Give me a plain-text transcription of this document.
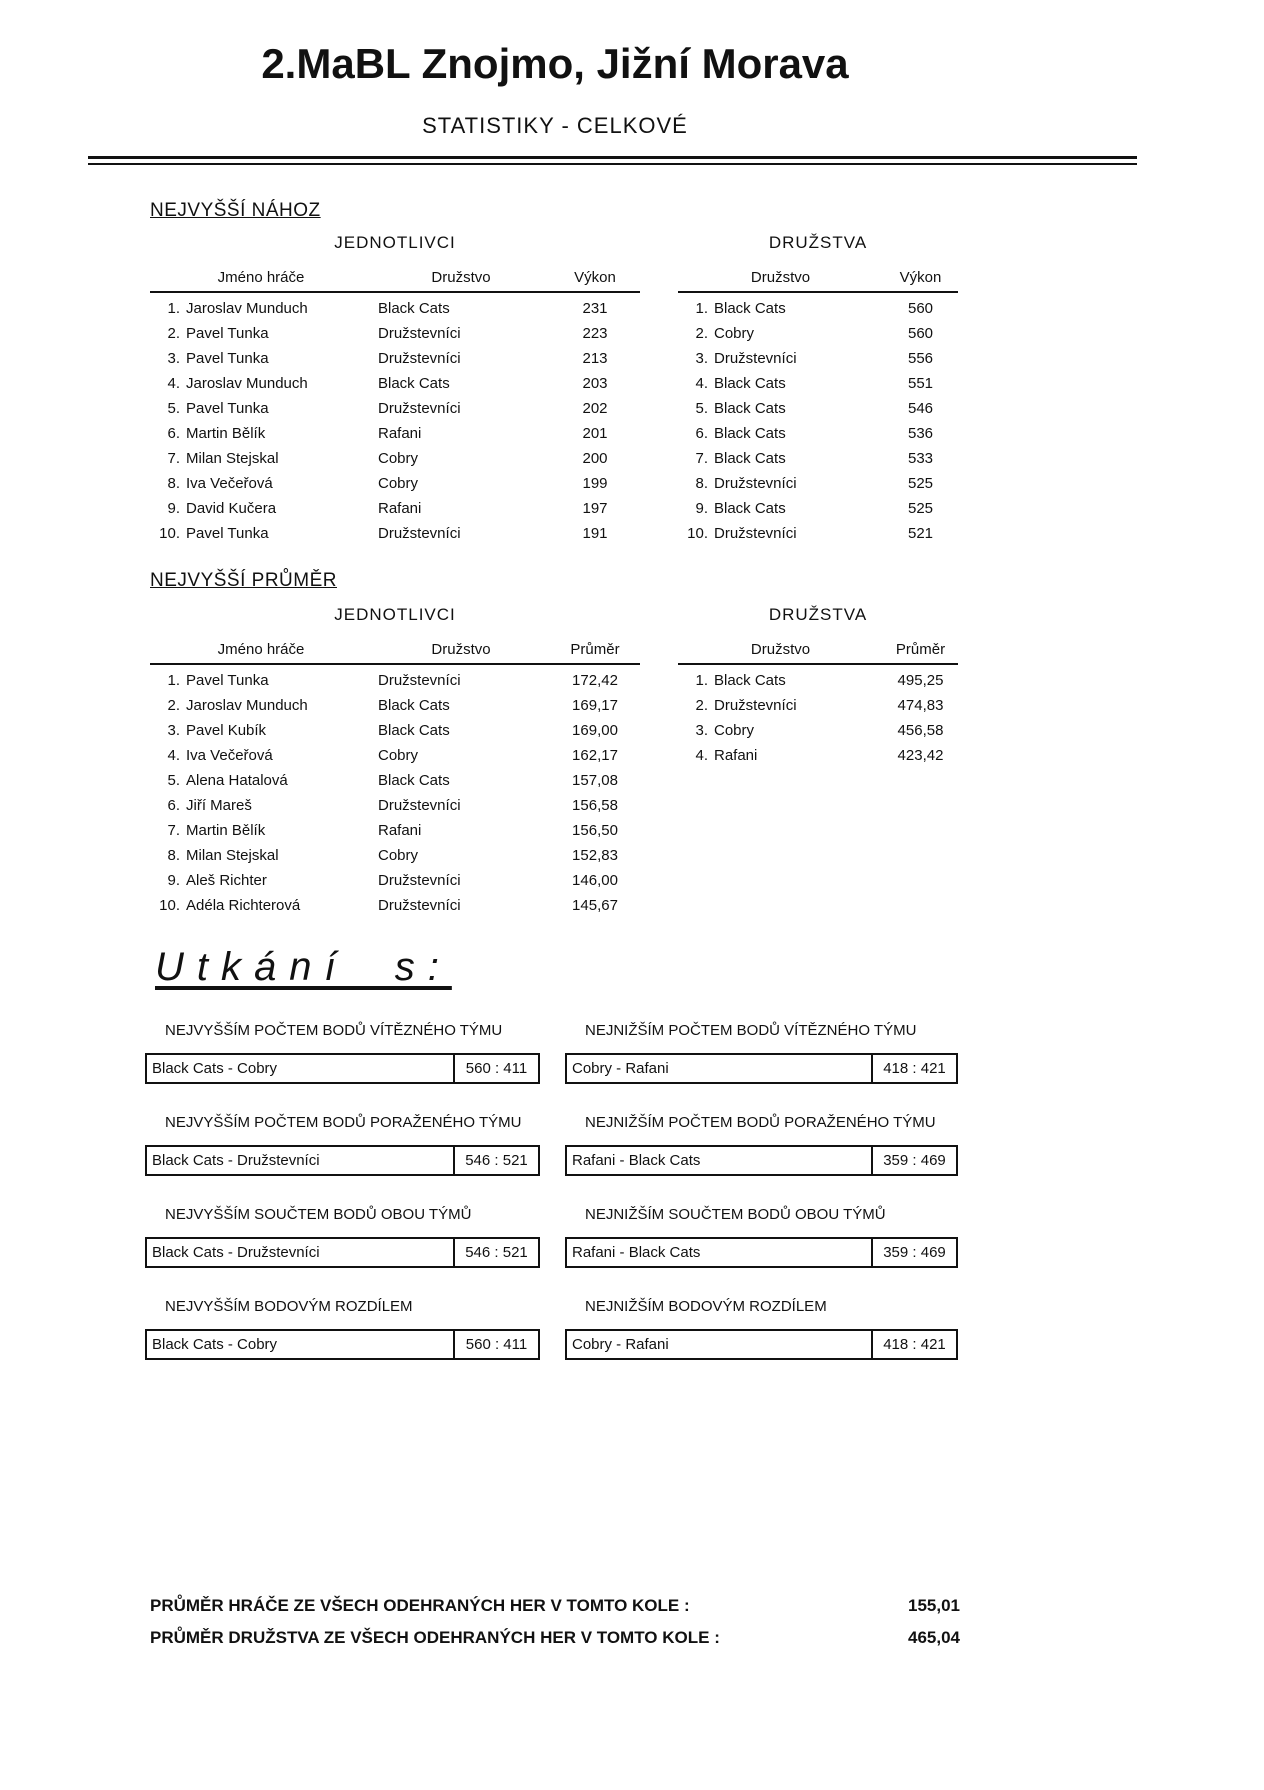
2.MaBL Znojmo, Jižní Morava
STATISTIKY - CELKOVÉ
NEJVYŠŠÍ NÁHOZ
JEDNOTLIVCI
Jméno hráče	Družstvo	Výkon
1. Jaroslav Munduch	Black Cats	231
2. Pavel Tunka	Družstevníci	223
3. Pavel Tunka	Družstevníci	213
4. Jaroslav Munduch	Black Cats	203
5. Pavel Tunka	Družstevníci	202
6. Martin Bělík	Rafani	201
7. Milan Stejskal	Cobry	200
8. Iva Večeřová	Cobry	199
9. David Kučera	Rafani	197
10. Pavel Tunka	Družstevníci	191
DRUŽSTVA
Družstvo	Výkon
1. Black Cats	560
2. Cobry	560
3. Družstevníci	556
4. Black Cats	551
5. Black Cats	546
6. Black Cats	536
7. Black Cats	533
8. Družstevníci	525
9. Black Cats	525
10. Družstevníci	521
NEJVYŠŠÍ PRŮMĚR
JEDNOTLIVCI
Jméno hráče	Družstvo	Průměr
1. Pavel Tunka	Družstevníci	172,42
2. Jaroslav Munduch	Black Cats	169,17
3. Pavel Kubík	Black Cats	169,00
4. Iva Večeřová	Cobry	162,17
5. Alena Hatalová	Black Cats	157,08
6. Jiří Mareš	Družstevníci	156,58
7. Martin Bělík	Rafani	156,50
8. Milan Stejskal	Cobry	152,83
9. Aleš Richter	Družstevníci	146,00
10. Adéla Richterová	Družstevníci	145,67
DRUŽSTVA
Družstvo	Průměr
1. Black Cats	495,25
2. Družstevníci	474,83
3. Cobry	456,58
4. Rafani	423,42
Utkání s:
NEJVYŠŠÍM POČTEM BODŮ VÍTĚZNÉHO TÝMU
Black Cats - Cobry	560 : 411
NEJNIŽŠÍM POČTEM BODŮ VÍTĚZNÉHO TÝMU
Cobry - Rafani	418 : 421
NEJVYŠŠÍM POČTEM BODŮ PORAŽENÉHO TÝMU
Black Cats - Družstevníci	546 : 521
NEJNIŽŠÍM POČTEM BODŮ PORAŽENÉHO TÝMU
Rafani - Black Cats	359 : 469
NEJVYŠŠÍM SOUČTEM BODŮ OBOU TÝMŮ
Black Cats - Družstevníci	546 : 521
NEJNIŽŠÍM SOUČTEM BODŮ OBOU TÝMŮ
Rafani - Black Cats	359 : 469
NEJVYŠŠÍM BODOVÝM ROZDÍLEM
Black Cats - Cobry	560 : 411
NEJNIŽŠÍM BODOVÝM ROZDÍLEM
Cobry - Rafani	418 : 421
PRŮMĚR HRÁČE ZE VŠECH ODEHRANÝCH HER V TOMTO KOLE :	155,01
PRŮMĚR DRUŽSTVA ZE VŠECH ODEHRANÝCH HER V TOMTO KOLE :	465,04
